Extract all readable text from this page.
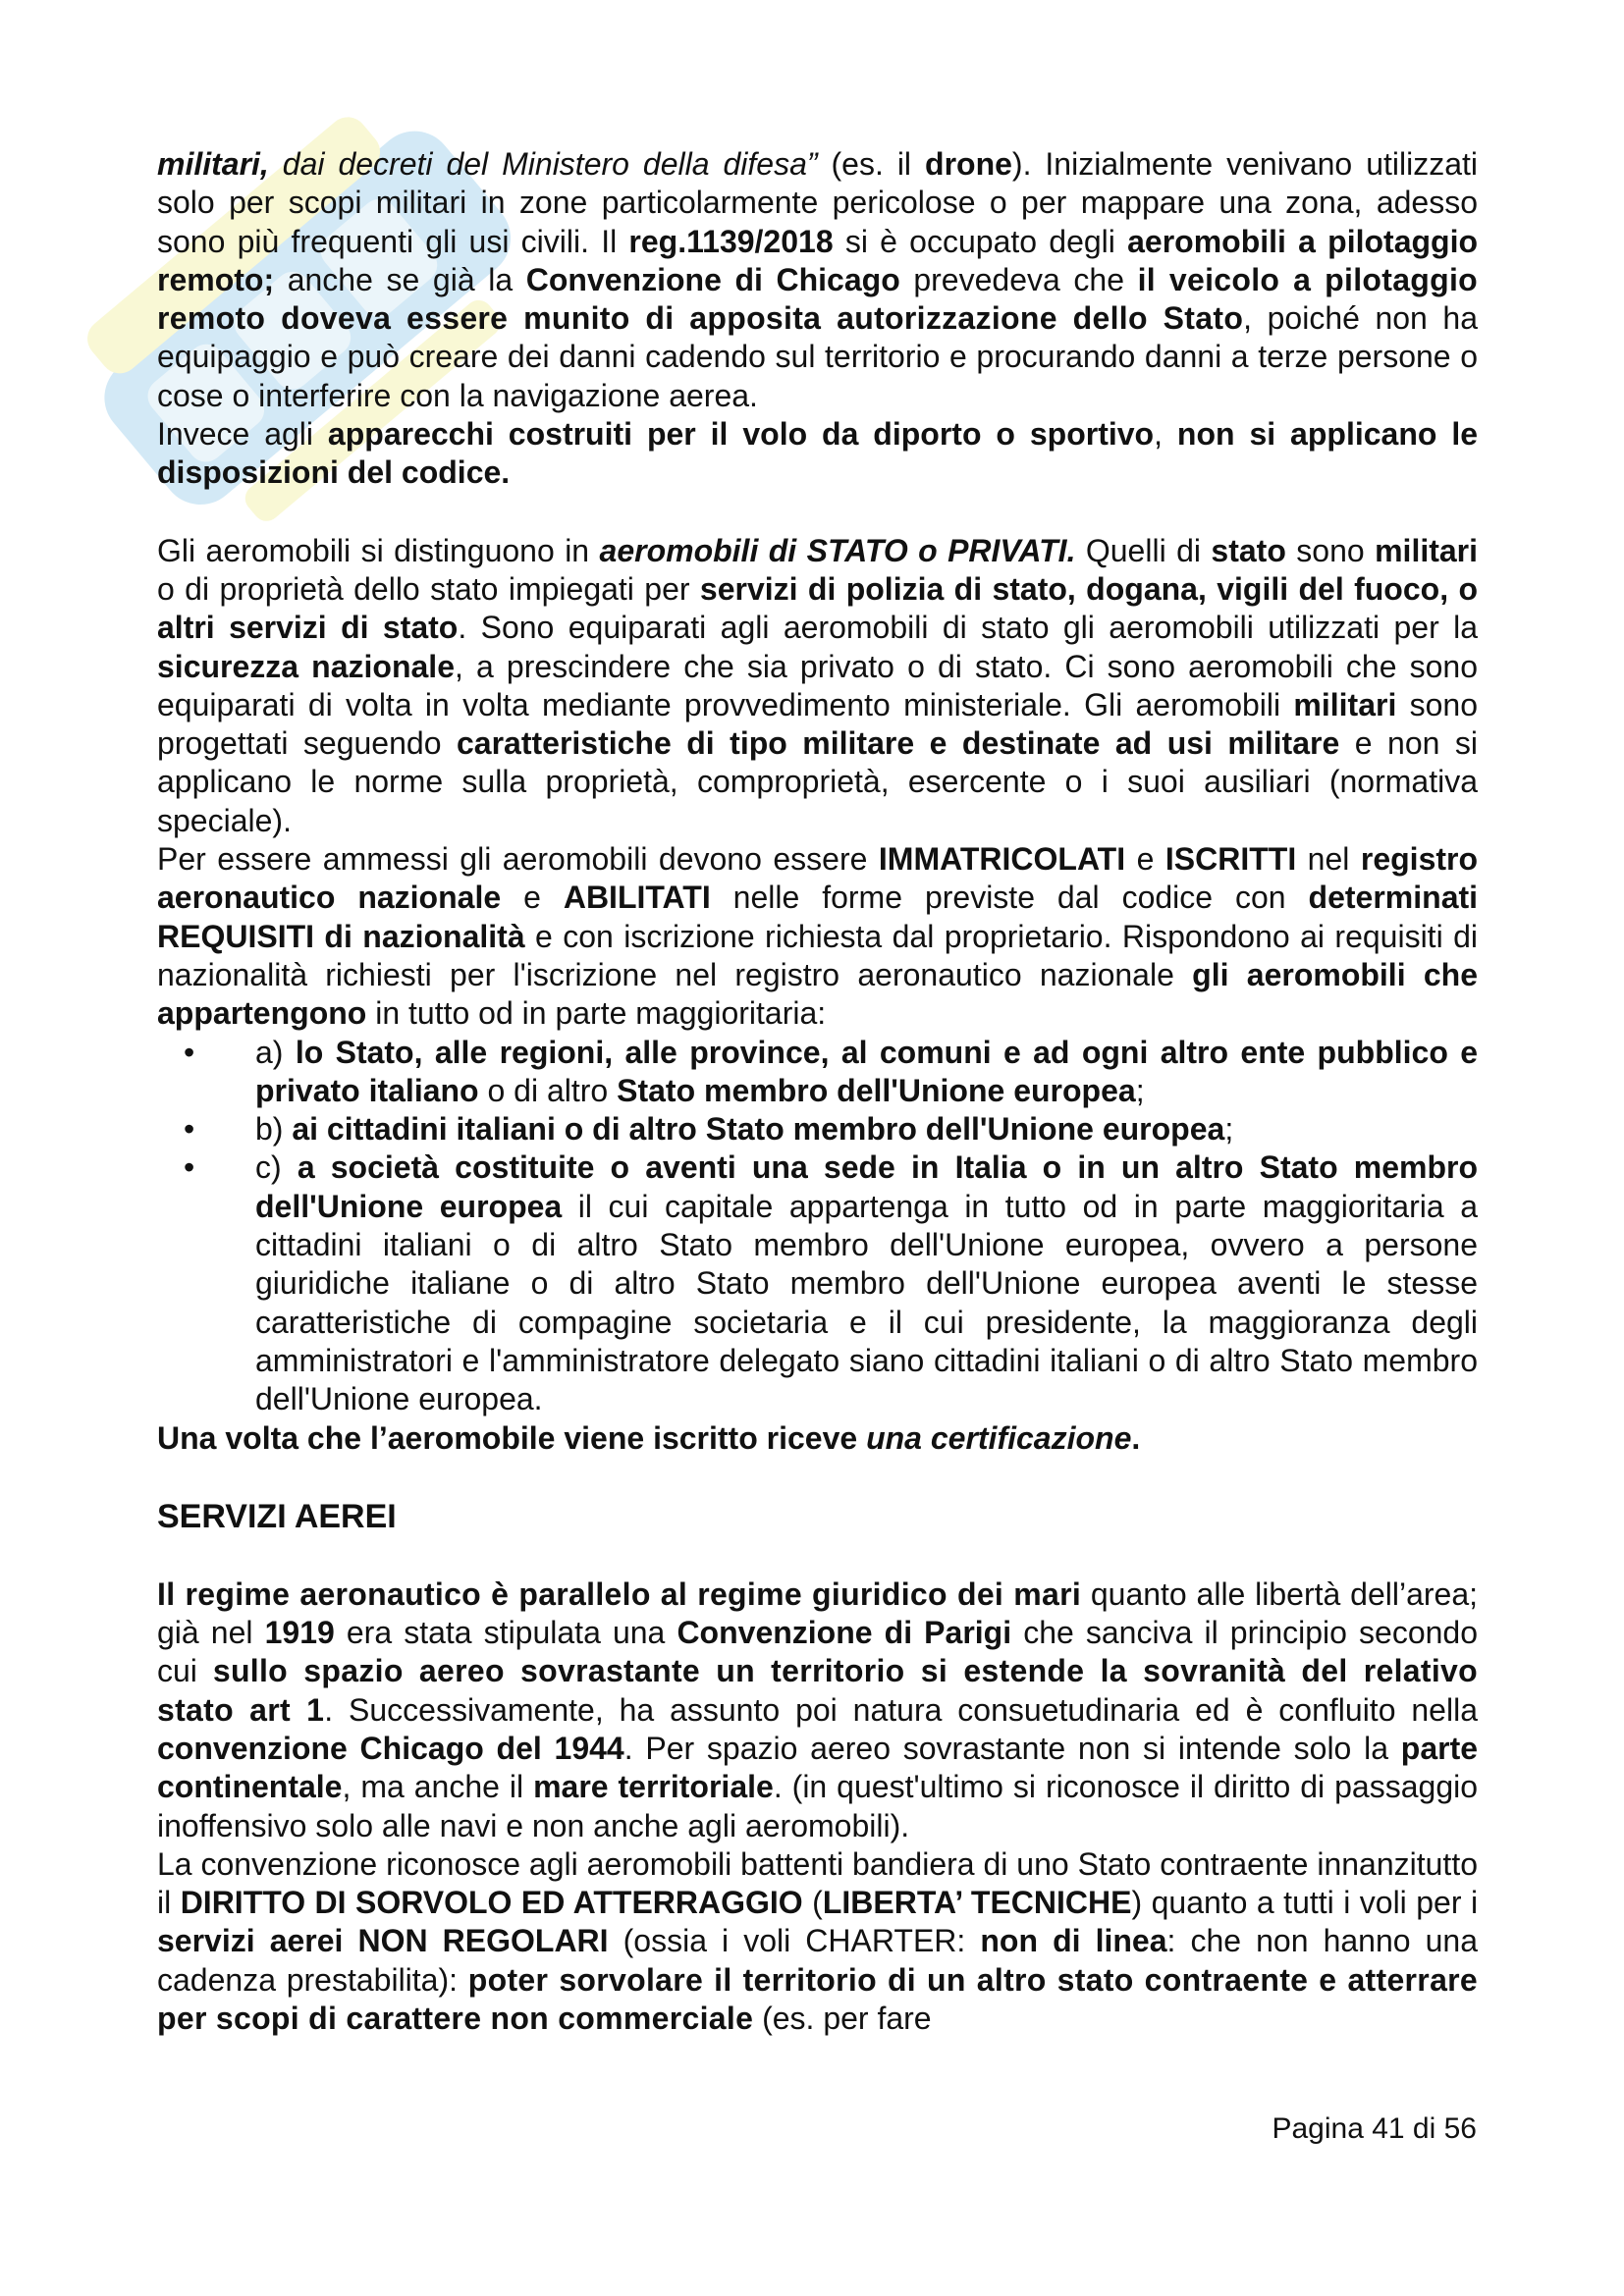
militari, dai decreti del Ministero della difesa” (es. il drone). Inizialmente venivano utilizzati solo per scopi militari in zone particolarmente pericolose o per mappare una zona, adesso sono più frequenti gli usi civili. Il reg.1139/2018 si è occupato degli aeromobili a pilotaggio remoto; anche se già la Convenzione di Chicago prevedeva che il veicolo a pilotaggio remoto doveva essere munito di apposita autorizzazione dello Stato, poiché non ha equipaggio e può creare dei danni cadendo sul territorio e procurando danni a terze persone o cose o interferire con la navigazione aerea.

Invece agli apparecchi costruiti per il volo da diporto o sportivo, non si applicano le disposizioni del codice.

Gli aeromobili si distinguono in aeromobili di STATO o PRIVATI. Quelli di stato sono militari o di proprietà dello stato impiegati per servizi di polizia di stato, dogana, vigili del fuoco, o altri servizi di stato. Sono equiparati agli aeromobili di stato gli aeromobili utilizzati per la sicurezza nazionale, a prescindere che sia privato o di stato. Ci sono aeromobili che sono equiparati di volta in volta mediante provvedimento ministeriale. Gli aeromobili militari sono progettati seguendo caratteristiche di tipo militare e destinate ad usi militare e non si applicano le norme sulla proprietà, comproprietà, esercente o i suoi ausiliari (normativa speciale).

Per essere ammessi gli aeromobili devono essere IMMATRICOLATI e ISCRITTI nel registro aeronautico nazionale e ABILITATI nelle forme previste dal codice con determinati REQUISITI di nazionalità e con iscrizione richiesta dal proprietario. Rispondono ai requisiti di nazionalità richiesti per l'iscrizione nel registro aeronautico nazionale gli aeromobili che appartengono in tutto od in parte maggioritaria:

• a) lo Stato, alle regioni, alle province, al comuni e ad ogni altro ente pubblico e privato italiano o di altro Stato membro dell'Unione europea;
• b) ai cittadini italiani o di altro Stato membro dell'Unione europea;
• c) a società costituite o aventi una sede in Italia o in un altro Stato membro dell'Unione europea il cui capitale appartenga in tutto od in parte maggioritaria a cittadini italiani o di altro Stato membro dell'Unione europea, ovvero a persone giuridiche italiane o di altro Stato membro dell'Unione europea aventi le stesse caratteristiche di compagine societaria e il cui presidente, la maggioranza degli amministratori e l'amministratore delegato siano cittadini italiani o di altro Stato membro dell'Unione europea.

Una volta che l’aeromobile viene iscritto riceve una certificazione.

SERVIZI AEREI

Il regime aeronautico è parallelo al regime giuridico dei mari quanto alle libertà dell’area; già nel 1919 era stata stipulata una Convenzione di Parigi che sanciva il principio secondo cui sullo spazio aereo sovrastante un territorio si estende la sovranità del relativo stato art 1. Successivamente, ha assunto poi natura consuetudinaria ed è confluito nella convenzione Chicago del 1944. Per spazio aereo sovrastante non si intende solo la parte continentale, ma anche il mare territoriale. (in quest'ultimo si riconosce il diritto di passaggio inoffensivo solo alle navi e non anche agli aeromobili).

La convenzione riconosce agli aeromobili battenti bandiera di uno Stato contraente innanzitutto il DIRITTO DI SORVOLO ED ATTERRAGGIO (LIBERTA’ TECNICHE) quanto a tutti i voli per i servizi aerei NON REGOLARI (ossia i voli CHARTER: non di linea: che non hanno una cadenza prestabilita): poter sorvolare il territorio di un altro stato contraente e atterrare per scopi di carattere non commerciale (es. per fare

Pagina 41 di 56
